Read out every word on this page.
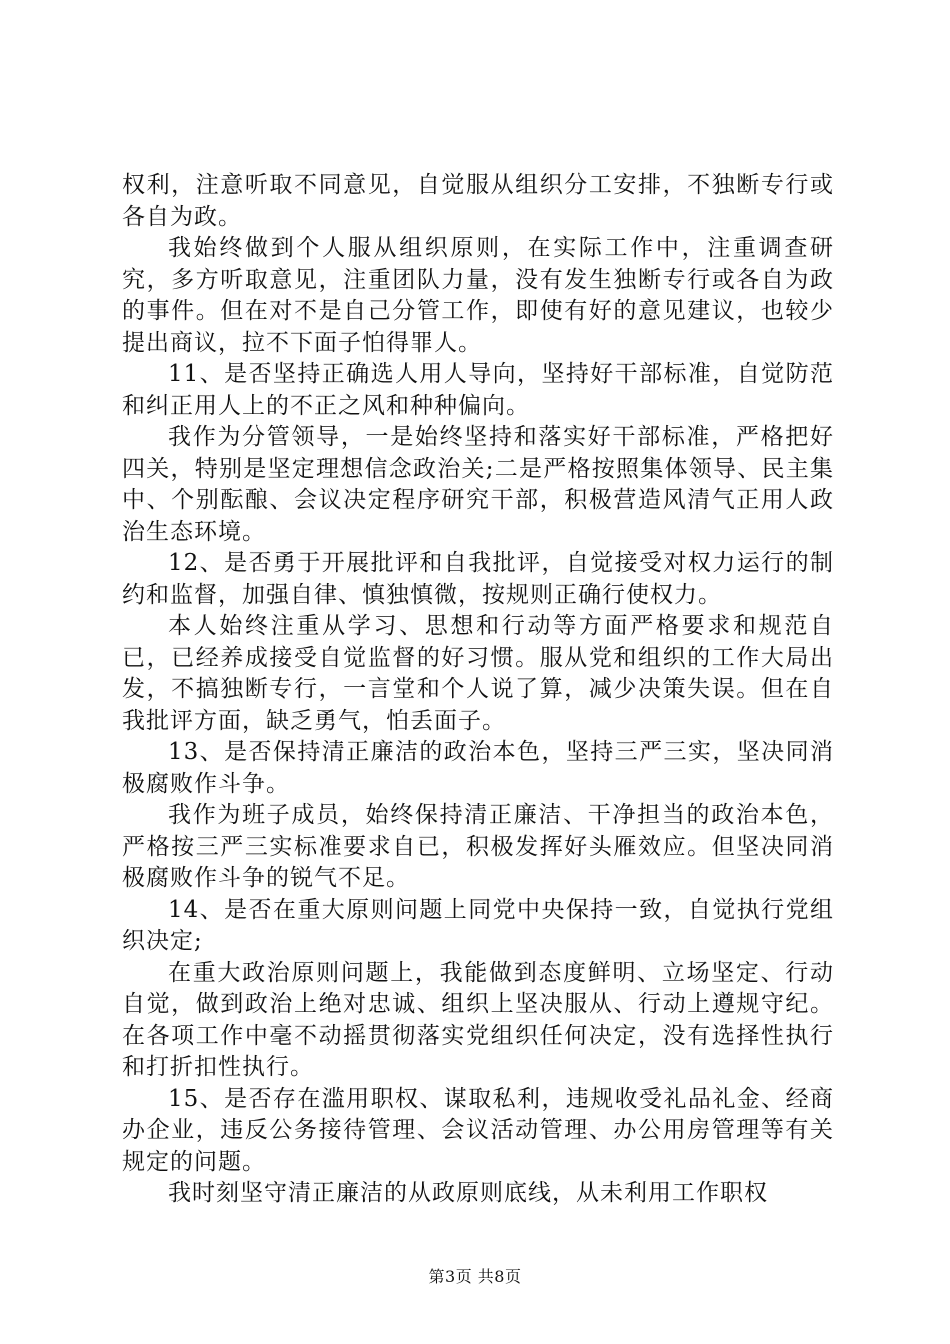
权利，注意听取不同意见，自觉服从组织分工安排，不独断专行或各自为政。

我始终做到个人服从组织原则，在实际工作中，注重调查研究，多方听取意见，注重团队力量，没有发生独断专行或各自为政的事件。但在对不是自己分管工作，即使有好的意见建议，也较少提出商议，拉不下面子怕得罪人。

11、是否坚持正确选人用人导向，坚持好干部标准，自觉防范和纠正用人上的不正之风和种种偏向。

我作为分管领导，一是始终坚持和落实好干部标准，严格把好四关，特别是坚定理想信念政治关;二是严格按照集体领导、民主集中、个别酝酿、会议决定程序研究干部，积极营造风清气正用人政治生态环境。

12、是否勇于开展批评和自我批评，自觉接受对权力运行的制约和监督，加强自律、慎独慎微，按规则正确行使权力。

本人始终注重从学习、思想和行动等方面严格要求和规范自已，已经养成接受自觉监督的好习惯。服从党和组织的工作大局出发，不搞独断专行，一言堂和个人说了算，减少决策失误。但在自我批评方面，缺乏勇气，怕丢面子。

13、是否保持清正廉洁的政治本色，坚持三严三实，坚决同消极腐败作斗争。

我作为班子成员，始终保持清正廉洁、干净担当的政治本色，严格按三严三实标准要求自已，积极发挥好头雁效应。但坚决同消极腐败作斗争的锐气不足。

14、是否在重大原则问题上同党中央保持一致，自觉执行党组织决定;

在重大政治原则问题上，我能做到态度鲜明、立场坚定、行动自觉，做到政治上绝对忠诚、组织上坚决服从、行动上遵规守纪。在各项工作中毫不动摇贯彻落实党组织任何决定，没有选择性执行和打折扣性执行。

15、是否存在滥用职权、谋取私利，违规收受礼品礼金、经商办企业，违反公务接待管理、会议活动管理、办公用房管理等有关规定的问题。

我时刻坚守清正廉洁的从政原则底线，从未利用工作职权

第3页 共8页
